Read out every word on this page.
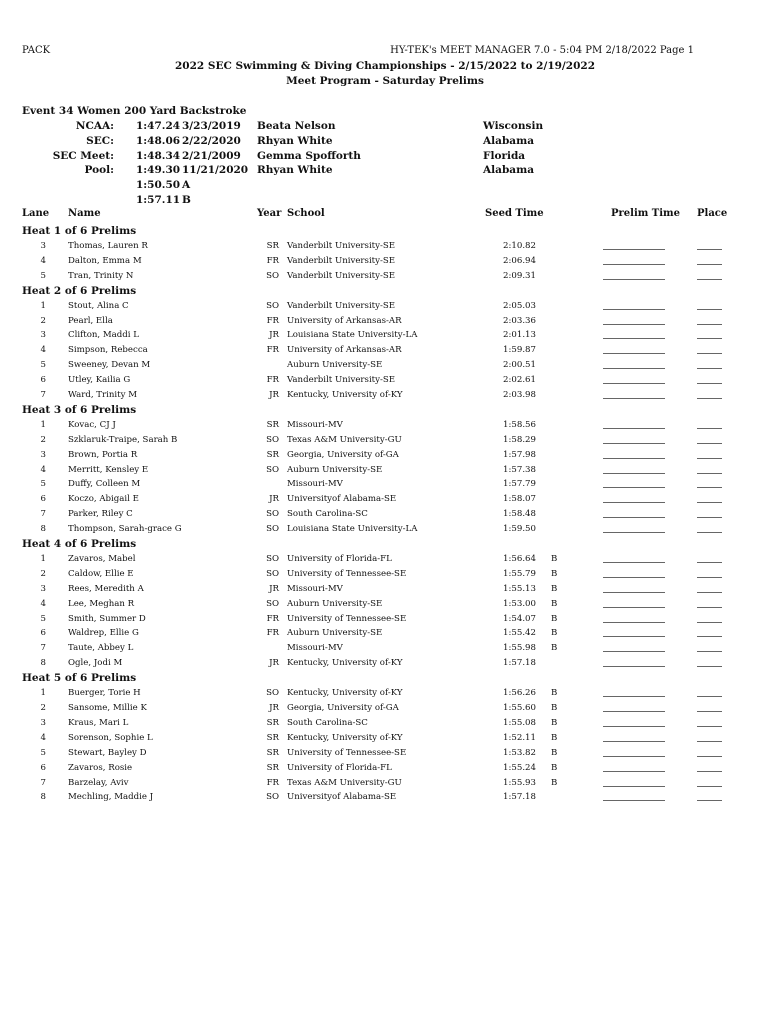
PACK	HY-TEK's MEET MANAGER 7.0 - 5:04 PM 2/18/2022 Page 1
2022 SEC Swimming & Diving Championships - 2/15/2022 to 2/19/2022
Meet Program - Saturday Prelims
Event 34 Women 200 Yard Backstroke
NCAA: 1:47.24 3/23/2019 Beata Nelson	Wisconsin
SEC: 1:48.06 2/22/2020 Rhyan White	Alabama
SEC Meet: 1:48.34 2/21/2009 Gemma Spofforth	Florida
Pool: 1:49.30 11/21/2020 Rhyan White	Alabama
1:50.50 A
1:57.11 B
Lane Name	Year School	Seed Time	Prelim Time Place
Heat 1 of 6 Prelims
3	Thomas, Lauren R	SR Vanderbilt University-SE	2:10.82
4	Dalton, Emma M	FR Vanderbilt University-SE	2:06.94
5	Tran, Trinity N	SO Vanderbilt University-SE	2:09.31
Heat 2 of 6 Prelims
1	Stout, Alina C	SO Vanderbilt University-SE	2:05.03
2	Pearl, Ella	FR University of Arkansas-AR	2:03.36
3	Clifton, Maddi L	JR Louisiana State University-LA	2:01.13
4	Simpson, Rebecca	FR University of Arkansas-AR	1:59.87
5	Sweeney, Devan M	Auburn University-SE	2:00.51
6	Utley, Kailia G	FR Vanderbilt University-SE	2:02.61
7	Ward, Trinity M	JR Kentucky, University of-KY	2:03.98
Heat 3 of 6 Prelims
1	Kovac, CJ J	SR Missouri-MV	1:58.56
2	Szklaruk-Traipe, Sarah B	SO Texas A&M University-GU	1:58.29
3	Brown, Portia R	SR Georgia, University of-GA	1:57.98
4	Merritt, Kensley E	SO Auburn University-SE	1:57.38
5	Duffy, Colleen M	Missouri-MV	1:57.79
6	Koczo, Abigail E	JR Universityof Alabama-SE	1:58.07
7	Parker, Riley C	SO South Carolina-SC	1:58.48
8	Thompson, Sarah-grace G	SO Louisiana State University-LA	1:59.50
Heat 4 of 6 Prelims
1	Zavaros, Mabel	SO University of Florida-FL	1:56.64 B
2	Caldow, Ellie E	SO University of Tennessee-SE	1:55.79 B
3	Rees, Meredith A	JR Missouri-MV	1:55.13 B
4	Lee, Meghan R	SO Auburn University-SE	1:53.00 B
5	Smith, Summer D	FR University of Tennessee-SE	1:54.07 B
6	Waldrep, Ellie G	FR Auburn University-SE	1:55.42 B
7	Taute, Abbey L	Missouri-MV	1:55.98 B
8	Ogle, Jodi M	JR Kentucky, University of-KY	1:57.18
Heat 5 of 6 Prelims
1	Buerger, Torie H	SO Kentucky, University of-KY	1:56.26 B
2	Sansome, Millie K	JR Georgia, University of-GA	1:55.60 B
3	Kraus, Mari L	SR South Carolina-SC	1:55.08 B
4	Sorenson, Sophie L	SR Kentucky, University of-KY	1:52.11 B
5	Stewart, Bayley D	SR University of Tennessee-SE	1:53.82 B
6	Zavaros, Rosie	SR University of Florida-FL	1:55.24 B
7	Barzelay, Aviv	FR Texas A&M University-GU	1:55.93 B
8	Mechling, Maddie J	SO Universityof Alabama-SE	1:57.18
